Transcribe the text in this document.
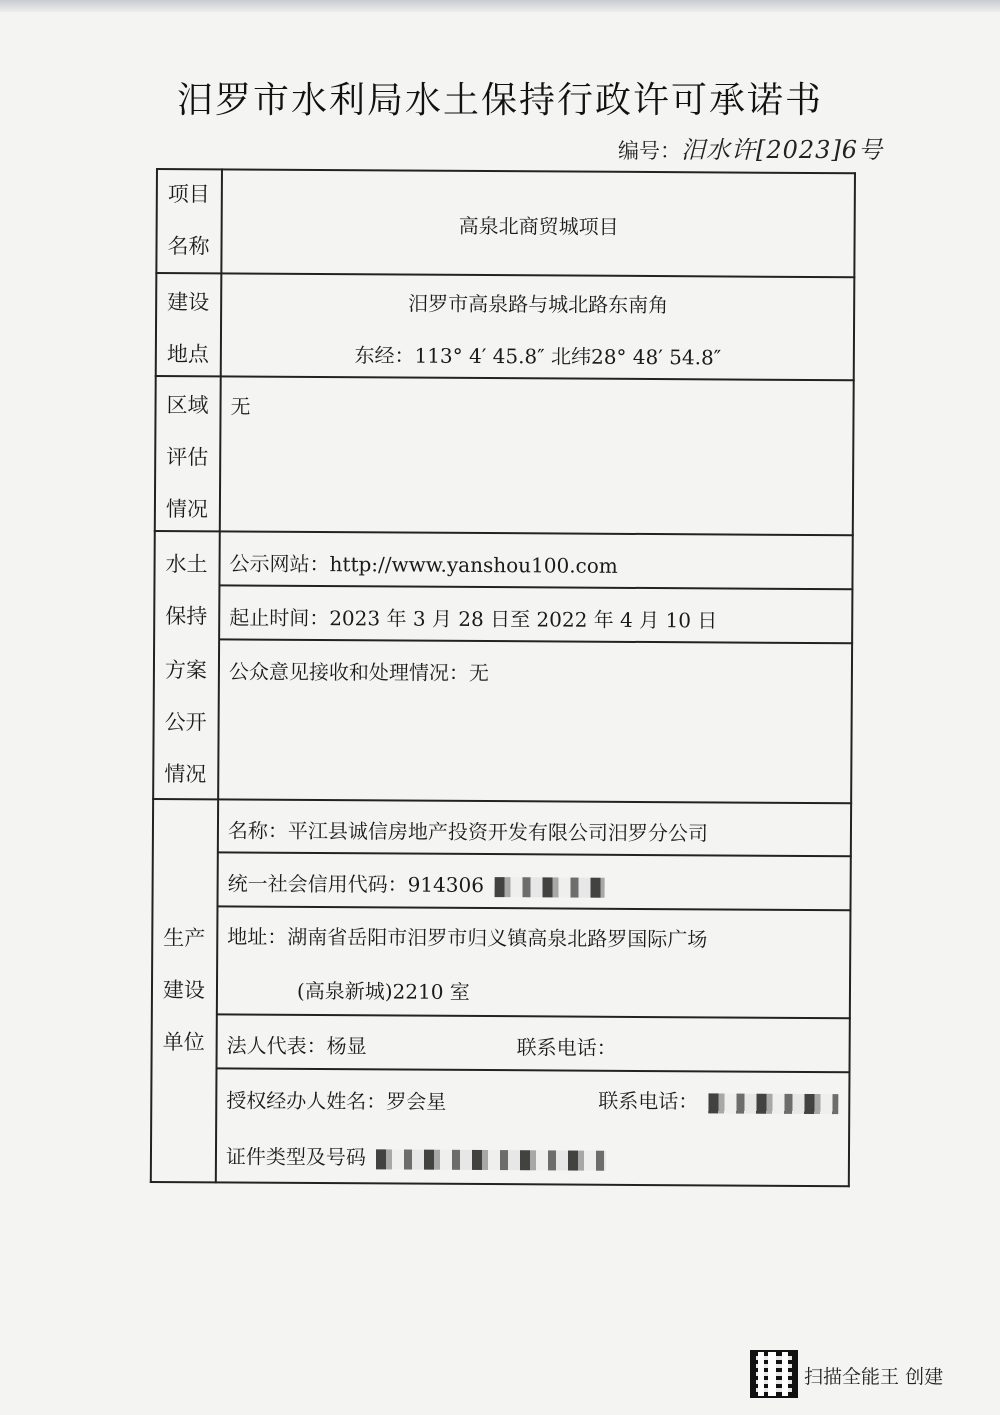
汨罗市水利局水土保持行政许可承诺书
编号：汨水许[2023]6号
项目
名称
高泉北商贸城项目
建设
地点
汨罗市高泉路与城北路东南角
东经：113° 4′ 45.8″ 北纬28° 48′ 54.8″
区域
评估
情况
无
水土
保持
方案
公开
情况
公示网站：http://www.yanshou100.com
起止时间：2023 年 3 月 28 日至 2022 年 4 月 10 日
公众意见接收和处理情况：无
生产
建设
单位
名称：平江县诚信房地产投资开发有限公司汨罗分公司
统一社会信用代码：914306
地址：湖南省岳阳市汨罗市归义镇高泉北路罗国际广场
(高泉新城)2210 室
法人代表：杨显	联系电话：
授权经办人姓名：罗会星	联系电话：
证件类型及号码
扫描全能王 创建
